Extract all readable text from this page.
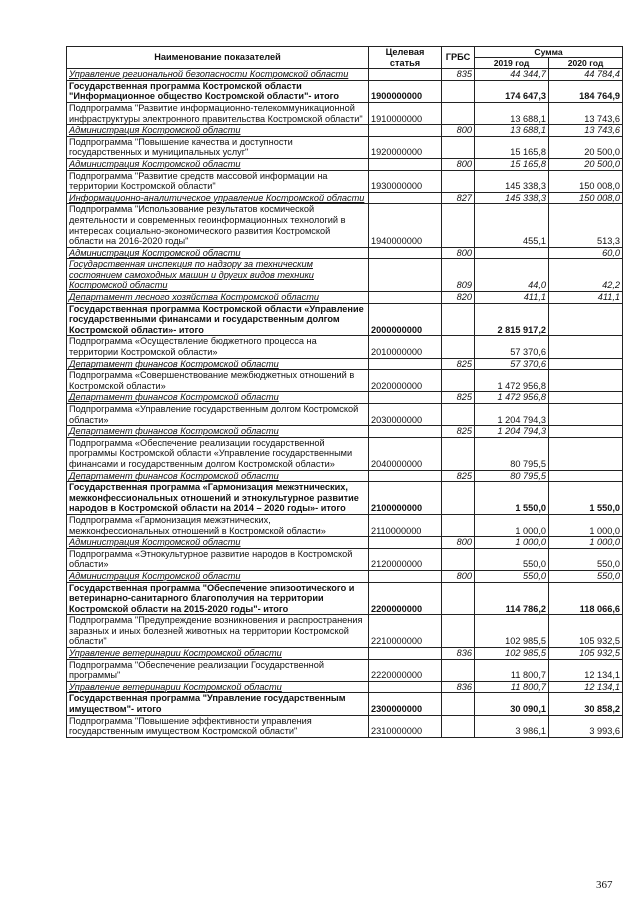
Наименование показателей	Целевая статья	ГРБС	Сумма	
			2019 год	2020 год
Управление региональной безопасности Костромской области		835	44 344,7	44 784,4
Государственная программа Костромской области "Информационное общество Костромской области"- итого	1900000000		174 647,3	184 764,9
Подпрограмма "Развитие информационно-телекоммуникационной инфраструктуры электронного правительства Костромской области"	1910000000		13 688,1	13 743,6
Администрация Костромской области		800	13 688,1	13 743,6
Подпрограмма "Повышение качества и доступности государственных и муниципальных услуг"	1920000000		15 165,8	20 500,0
Администрация Костромской области		800	15 165,8	20 500,0
Подпрограмма "Развитие средств массовой информации на территории Костромской области"	1930000000		145 338,3	150 008,0
Информационно-аналитическое управление Костромской области		827	145 338,3	150 008,0
Подпрограмма "Использование результатов космической деятельности и современных геоинформационных технологий в интересах социально-экономического развития Костромской области на 2016-2020 годы"	1940000000		455,1	513,3
Администрация Костромской области		800		60,0
Государственная инспекция по надзору за техническим состоянием самоходных машин и других видов техники Костромской области		809	44,0	42,2
Департамент лесного хозяйства Костромской области		820	411,1	411,1
Государственная программа Костромской области «Управление государственными финансами и государственным долгом Костромской области»- итого	2000000000		2 815 917,2	
Подпрограмма «Осуществление бюджетного процесса на территории Костромской области»	2010000000		57 370,6	
Департамент финансов Костромской области		825	57 370,6	
Подпрограмма «Совершенствование межбюджетных отношений в Костромской области»	2020000000		1 472 956,8	
Департамент финансов Костромской области		825	1 472 956,8	
Подпрограмма «Управление государственным долгом Костромской области»	2030000000		1 204 794,3	
Департамент финансов Костромской области		825	1 204 794,3	
Подпрограмма «Обеспечение реализации государственной программы Костромской области «Управление государственными финансами и государственным долгом Костромской области»	2040000000		80 795,5	
Департамент финансов Костромской области		825	80 795,5	
Государственная программа «Гармонизация межэтнических, межконфессиональных отношений и этнокультурное развитие народов в Костромской области на 2014 – 2020 годы»- итого	2100000000		1 550,0	1 550,0
Подпрограмма «Гармонизация межэтнических, межконфессиональных отношений в Костромской области»	2110000000		1 000,0	1 000,0
Администрация Костромской области		800	1 000,0	1 000,0
Подпрограмма «Этнокультурное развитие народов в Костромской области»	2120000000		550,0	550,0
Администрация Костромской области		800	550,0	550,0
Государственная программа "Обеспечение эпизоотического и ветеринарно-санитарного благополучия на территории Костромской области на 2015-2020 годы"- итого	2200000000		114 786,2	118 066,6
Подпрограмма "Предупреждение возникновения и распространения заразных и иных болезней животных на территории Костромской области"	2210000000		102 985,5	105 932,5
Управление ветеринарии Костромской области		836	102 985,5	105 932,5
Подпрограмма "Обеспечение реализации Государственной программы"	2220000000		11 800,7	12 134,1
Управление ветеринарии Костромской области		836	11 800,7	12 134,1
Государственная программа "Управление государственным имуществом"- итого	2300000000		30 090,1	30 858,2
Подпрограмма "Повышение эффективности управления государственным имуществом Костромской области"	2310000000		3 986,1	3 993,6
367
